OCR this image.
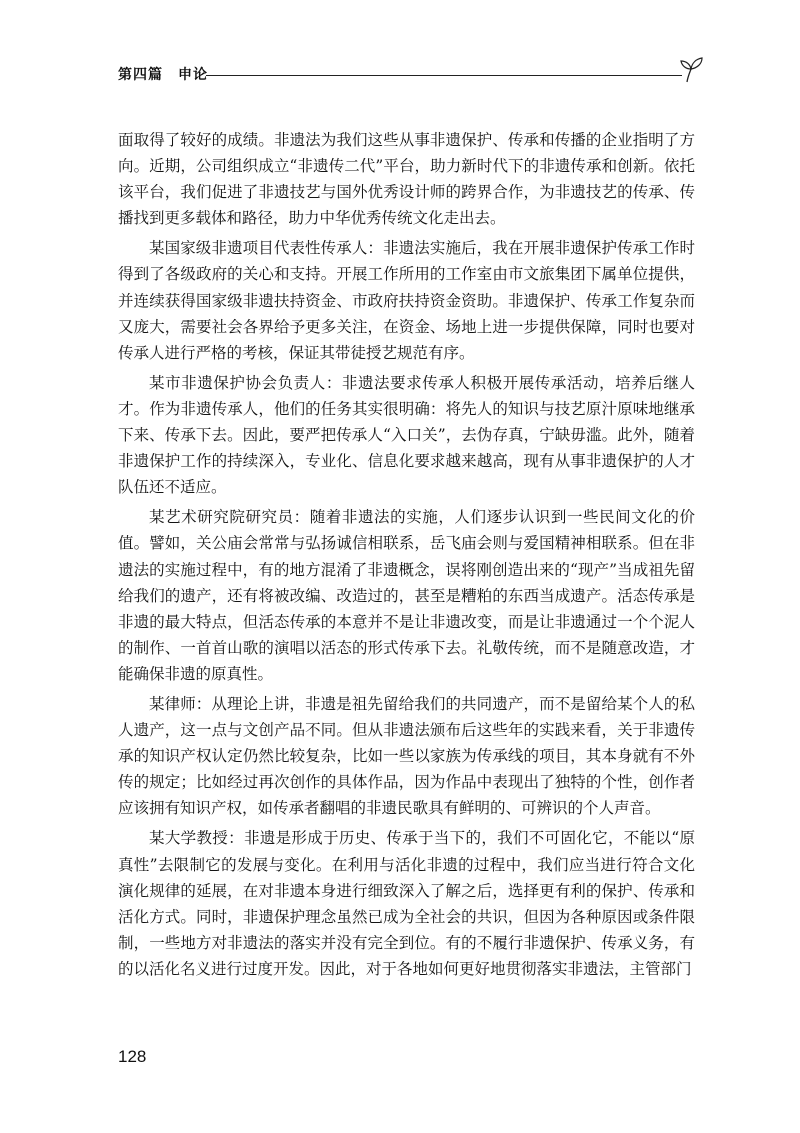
第四篇　申论

面取得了较好的成绩。非遗法为我们这些从事非遗保护、传承和传播的企业指明了方向。近期，公司组织成立“非遗传二代”平台，助力新时代下的非遗传承和创新。依托该平台，我们促进了非遗技艺与国外优秀设计师的跨界合作，为非遗技艺的传承、传播找到更多载体和路径，助力中华优秀传统文化走出去。

某国家级非遗项目代表性传承人：非遗法实施后，我在开展非遗保护传承工作时得到了各级政府的关心和支持。开展工作所用的工作室由市文旅集团下属单位提供，并连续获得国家级非遗扶持资金、市政府扶持资金资助。非遗保护、传承工作复杂而又庞大，需要社会各界给予更多关注，在资金、场地上进一步提供保障，同时也要对传承人进行严格的考核，保证其带徒授艺规范有序。

某市非遗保护协会负责人：非遗法要求传承人积极开展传承活动，培养后继人才。作为非遗传承人，他们的任务其实很明确：将先人的知识与技艺原汁原味地继承下来、传承下去。因此，要严把传承人“入口关”，去伪存真，宁缺毋滥。此外，随着非遗保护工作的持续深入，专业化、信息化要求越来越高，现有从事非遗保护的人才队伍还不适应。

某艺术研究院研究员：随着非遗法的实施，人们逐步认识到一些民间文化的价值。譬如，关公庙会常常与弘扬诚信相联系，岳飞庙会则与爱国精神相联系。但在非遗法的实施过程中，有的地方混淆了非遗概念，误将刚创造出来的“现产”当成祖先留给我们的遗产，还有将被改编、改造过的，甚至是糟粕的东西当成遗产。活态传承是非遗的最大特点，但活态传承的本意并不是让非遗改变，而是让非遗通过一个个泥人的制作、一首首山歌的演唱以活态的形式传承下去。礼敬传统，而不是随意改造，才能确保非遗的原真性。

某律师：从理论上讲，非遗是祖先留给我们的共同遗产，而不是留给某个人的私人遗产，这一点与文创产品不同。但从非遗法颁布后这些年的实践来看，关于非遗传承的知识产权认定仍然比较复杂，比如一些以家族为传承线的项目，其本身就有不外传的规定；比如经过再次创作的具体作品，因为作品中表现出了独特的个性，创作者应该拥有知识产权，如传承者翻唱的非遗民歌具有鲜明的、可辨识的个人声音。

某大学教授：非遗是形成于历史、传承于当下的，我们不可固化它，不能以“原真性”去限制它的发展与变化。在利用与活化非遗的过程中，我们应当进行符合文化演化规律的延展，在对非遗本身进行细致深入了解之后，选择更有利的保护、传承和活化方式。同时，非遗保护理念虽然已成为全社会的共识，但因为各种原因或条件限制，一些地方对非遗法的落实并没有完全到位。有的不履行非遗保护、传承义务，有的以活化名义进行过度开发。因此，对于各地如何更好地贯彻落实非遗法，主管部门

128
